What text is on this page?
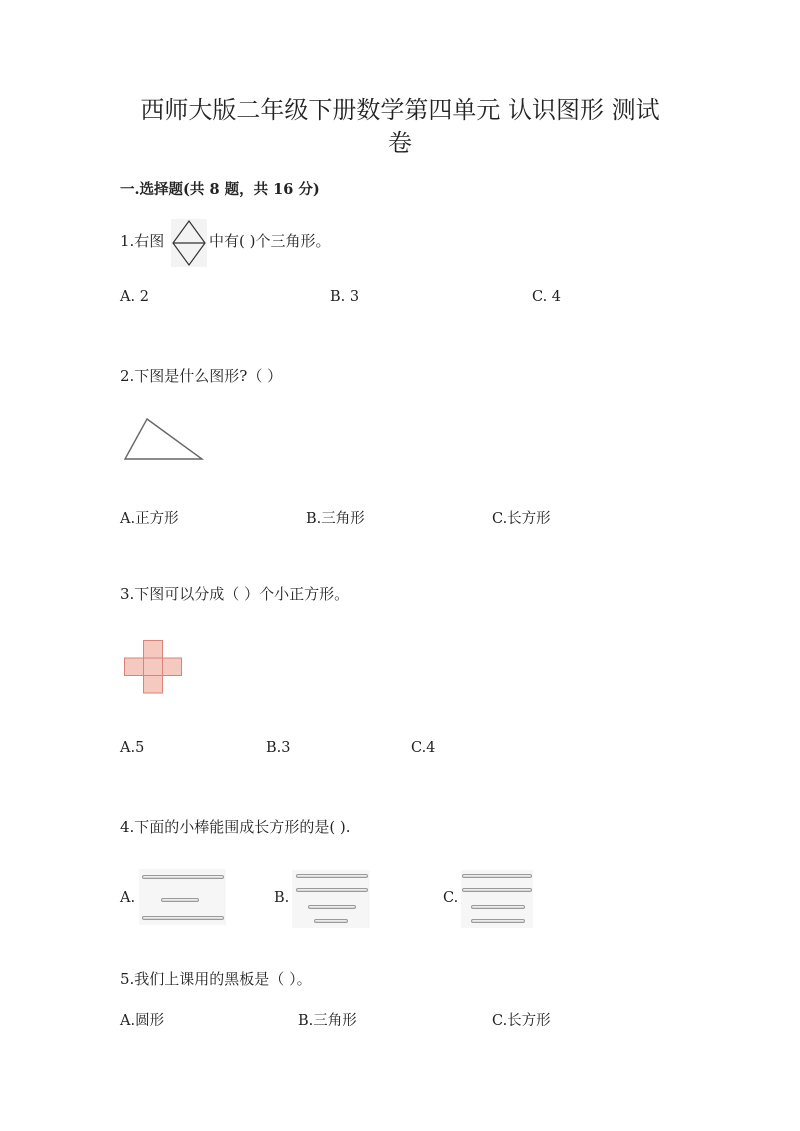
西师大版二年级下册数学第四单元 认识图形 测试
卷
一.选择题(共 8 题，共 16 分)
1.右图	中有( )个三角形。
A. 2	B. 3	C. 4
2.下图是什么图形?（ ）
A.正方形	B.三角形	C.长方形
3.下图可以分成（ ）个小正方形。
A.5	B.3	C.4
4.下面的小棒能围成长方形的是( ).
A.	B.	C.
5.我们上课用的黑板是（ ）。
A.圆形	B.三角形	C.长方形
